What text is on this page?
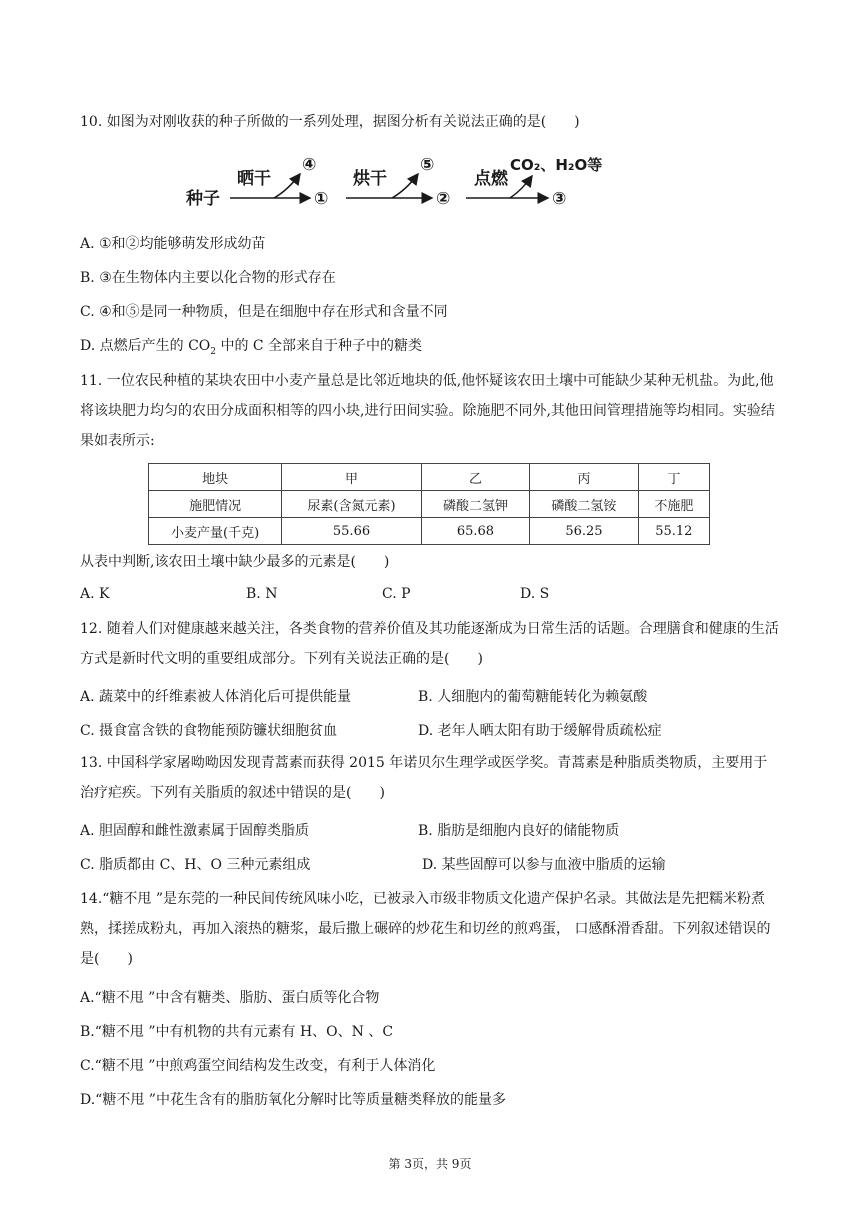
10. 如图为对刚收获的种子所做的一系列处理，据图分析有关说法正确的是(　　)
种子
晒干
①
④
烘干
②
⑤
点燃
③
CO₂、H₂O等
A. ①和②均能够萌发形成幼苗
B. ③在生物体内主要以化合物的形式存在
C. ④和⑤是同一种物质，但是在细胞中存在形式和含量不同
D. 点燃后产生的 $CO_2$ 中的 C 全部来自于种子中的糖类
11. 一位农民种植的某块农田中小麦产量总是比邻近地块的低,他怀疑该农田土壤中可能缺少某种无机盐。为此,他将该块肥力均匀的农田分成面积相等的四小块,进行田间实验。除施肥不同外,其他田间管理措施等均相同。实验结果如表所示:
地块	甲	乙	丙	丁
施肥情况	尿素(含氮元素)	磷酸二氢钾	磷酸二氢铵	不施肥
小麦产量(千克)	55.66	65.68	56.25	55.12
从表中判断,该农田土壤中缺少最多的元素是(　　)
A. K	B. N	C. P	D. S
12. 随着人们对健康越来越关注，各类食物的营养价值及其功能逐渐成为日常生活的话题。合理膳食和健康的生活方式是新时代文明的重要组成部分。下列有关说法正确的是(　　)
A. 蔬菜中的纤维素被人体消化后可提供能量	B. 人细胞内的葡萄糖能转化为赖氨酸
C. 摄食富含铁的食物能预防镰状细胞贫血	D. 老年人晒太阳有助于缓解骨质疏松症
13. 中国科学家屠呦呦因发现青蒿素而获得 2015 年诺贝尔生理学或医学奖。青蒿素是种脂质类物质，主要用于治疗疟疾。下列有关脂质的叙述中错误的是(　　)
A. 胆固醇和雌性激素属于固醇类脂质	B. 脂肪是细胞内良好的储能物质
C. 脂质都由 C、H、O 三种元素组成	D. 某些固醇可以参与血液中脂质的运输
14.“糖不甩 ”是东莞的一种民间传统风味小吃，已被录入市级非物质文化遗产保护名录。其做法是先把糯米粉煮熟，揉搓成粉丸，再加入滚热的糖浆，最后撒上碾碎的炒花生和切丝的煎鸡蛋， 口感酥滑香甜。下列叙述错误的是(　　)
A.“糖不甩 ”中含有糖类、脂肪、蛋白质等化合物
B.“糖不甩 ”中有机物的共有元素有 H、O、N 、C
C.“糖不甩 ”中煎鸡蛋空间结构发生改变，有利于人体消化
D.“糖不甩 ”中花生含有的脂肪氧化分解时比等质量糖类释放的能量多
第 3页，共 9页
